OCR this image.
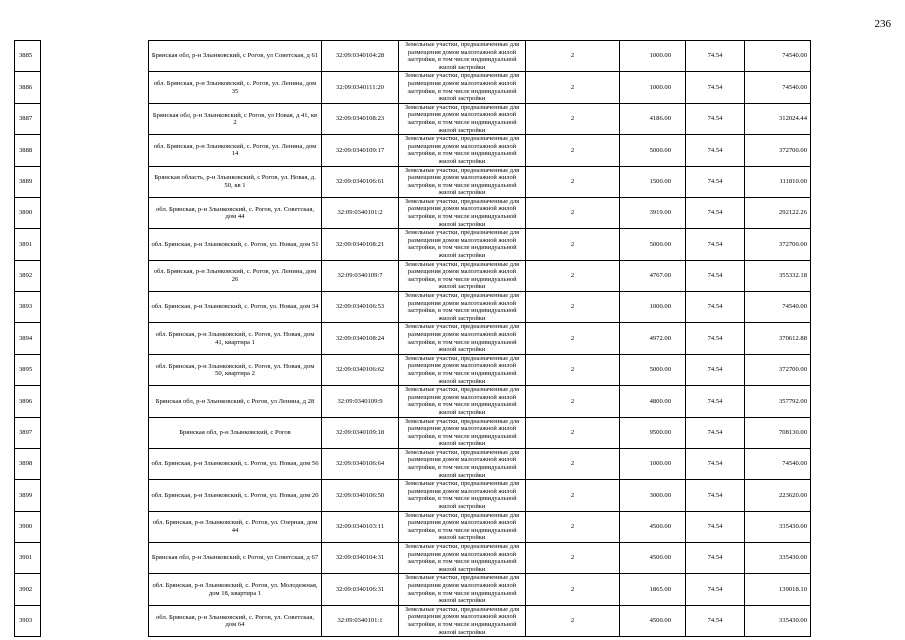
236
3885		Брянская обл, р-н Злынковский, с Рогов, ул Советская, д 61	32:09:0340104:28	Земельные участки, предназначенные для размещения домов малоэтажной жилой застройки, в том числе индивидуальной жилой застройки	2	1000.00	74.54	74540.00
3886		обл. Брянская, р-н Злынковский, с. Рогов, ул. Ленина, дом 35	32:09:0340111:20	Земельные участки, предназначенные для размещения домов малоэтажной жилой застройки, в том числе индивидуальной жилой застройки	2	1000.00	74.54	74540.00
3887		Брянская обл, р-н Злынковский, с Рогов, ул Новая, д 41, кв 2	32:09:0340108:23	Земельные участки, предназначенные для размещения домов малоэтажной жилой застройки, в том числе индивидуальной жилой застройки	2	4186.00	74.54	312024.44
3888		обл. Брянская, р-н Злынковский, с. Рогов, ул. Ленина, дом 14	32:09:0340109:17	Земельные участки, предназначенные для размещения домов малоэтажной жилой застройки, в том числе индивидуальной жилой застройки	2	5000.00	74.54	372700.00
3889		Брянская область, р-н Злынковский, с Рогов, ул. Новая, д. 50, кв 1	32:09:0340106:61	Земельные участки, предназначенные для размещения домов малоэтажной жилой застройки, в том числе индивидуальной жилой застройки	2	1500.00	74.54	111810.00
3890		обл. Брянская, р-н Злынковский, с. Рогов, ул. Советская, дом 44	32:09:0340101:2	Земельные участки, предназначенные для размещения домов малоэтажной жилой застройки, в том числе индивидуальной жилой застройки	2	3919.00	74.54	292122.26
3891		обл. Брянская, р-н Злынковский, с. Рогов, ул. Новая, дом 51	32:09:0340108:21	Земельные участки, предназначенные для размещения домов малоэтажной жилой застройки, в том числе индивидуальной жилой застройки	2	5000.00	74.54	372700.00
3892		обл. Брянская, р-н Злынковский, с. Рогов, ул. Ленина, дом 26	32:09:0340109:7	Земельные участки, предназначенные для размещения домов малоэтажной жилой застройки, в том числе индивидуальной жилой застройки	2	4767.00	74.54	355332.18
3893		обл. Брянская, р-н Злынковский, с. Рогов, ул. Новая, дом 34	32:09:0340106:53	Земельные участки, предназначенные для размещения домов малоэтажной жилой застройки, в том числе индивидуальной жилой застройки	2	1000.00	74.54	74540.00
3894		обл. Брянская, р-н Злынковский, с. Рогов, ул. Новая, дом 41, квартира 1	32:09:0340108:24	Земельные участки, предназначенные для размещения домов малоэтажной жилой застройки, в том числе индивидуальной жилой застройки	2	4972.00	74.54	370612.88
3895		обл. Брянская, р-н Злынковский, с. Рогов, ул. Новая, дом 50, квартира 2	32:09:0340106:62	Земельные участки, предназначенные для размещения домов малоэтажной жилой застройки, в том числе индивидуальной жилой застройки	2	5000.00	74.54	372700.00
3896		Брянская обл, р-н Злынковский, с Рогов, ул Ленина, д 28	32:09:0340109:9	Земельные участки, предназначенные для размещения домов малоэтажной жилой застройки, в том числе индивидуальной жилой застройки	2	4800.00	74.54	357792.00
3897		Брянская обл, р-н Злынковский, с Рогов	32:09:0340109:18	Земельные участки, предназначенные для размещения домов малоэтажной жилой застройки, в том числе индивидуальной жилой застройки	2	9500.00	74.54	708130.00
3898		обл. Брянская, р-н Злынковский, с. Рогов, ул. Новая, дом 56	32:09:0340106:64	Земельные участки, предназначенные для размещения домов малоэтажной жилой застройки, в том числе индивидуальной жилой застройки	2	1000.00	74.54	74540.00
3899		обл. Брянская, р-н Злынковский, с. Рогов, ул. Новая, дом 20	32:09:0340106:50	Земельные участки, предназначенные для размещения домов малоэтажной жилой застройки, в том числе индивидуальной жилой застройки	2	3000.00	74.54	223620.00
3900		обл. Брянская, р-н Злынковский, с. Рогов, ул. Озерная, дом 44	32:09:0340103:11	Земельные участки, предназначенные для размещения домов малоэтажной жилой застройки, в том числе индивидуальной жилой застройки	2	4500.00	74.54	335430.00
3901		Брянская обл, р-н Злынковский, с Рогов, ул Советская, д 67	32:09:0340104:31	Земельные участки, предназначенные для размещения домов малоэтажной жилой застройки, в том числе индивидуальной жилой застройки	2	4500.00	74.54	335430.00
3902		обл. Брянская, р-н Злынковский, с. Рогов, ул. Молодежная, дом 18, квартира 1	32:09:0340106:31	Земельные участки, предназначенные для размещения домов малоэтажной жилой застройки, в том числе индивидуальной жилой застройки	2	1865.00	74.54	139018.10
3903		обл. Брянская, р-н Злынковский, с. Рогов, ул. Советская, дом 64	32:09:0340101:1	Земельные участки, предназначенные для размещения домов малоэтажной жилой застройки, в том числе индивидуальной жилой застройки	2	4500.00	74.54	335430.00
